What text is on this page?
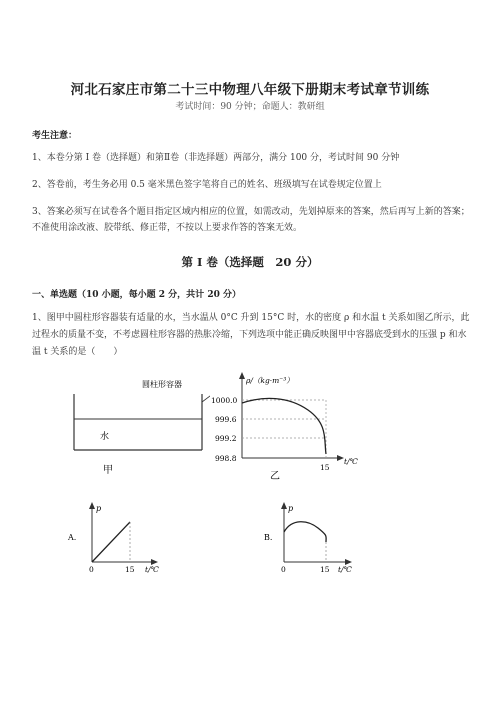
河北石家庄市第二十三中物理八年级下册期末考试章节训练
考试时间：90 分钟；命题人：教研组
考生注意：
1、本卷分第 I 卷（选择题）和第Ⅱ卷（非选择题）两部分，满分 100 分，考试时间 90 分钟
2、答卷前，考生务必用 0.5 毫米黑色签字笔将自己的姓名、班级填写在试卷规定位置上
3、答案必须写在试卷各个题目指定区域内相应的位置，如需改动，先划掉原来的答案，然后再写上新的答案；不准使用涂改液、胶带纸、修正带，不按以上要求作答的答案无效。
第 I 卷（选择题　20 分）
一、单选题（10 小题，每小题 2 分，共计 20 分）
1、图甲中圆柱形容器装有适量的水，当水温从 0°C 升到 15°C 时，水的密度 ρ 和水温 t 关系如图乙所示，此过程水的质量不变，不考虑圆柱形容器的热胀冷缩，下列选项中能正确反映图甲中容器底受到水的压强 p 和水温 t 关系的是（　　）
圆柱形容器
水
甲
ρ/（kg·m⁻³）
1000.0
999.6
999.2
998.8
15
t/℃
乙
A.
p
0	15 t/℃
B.
p
0	15 t/℃
